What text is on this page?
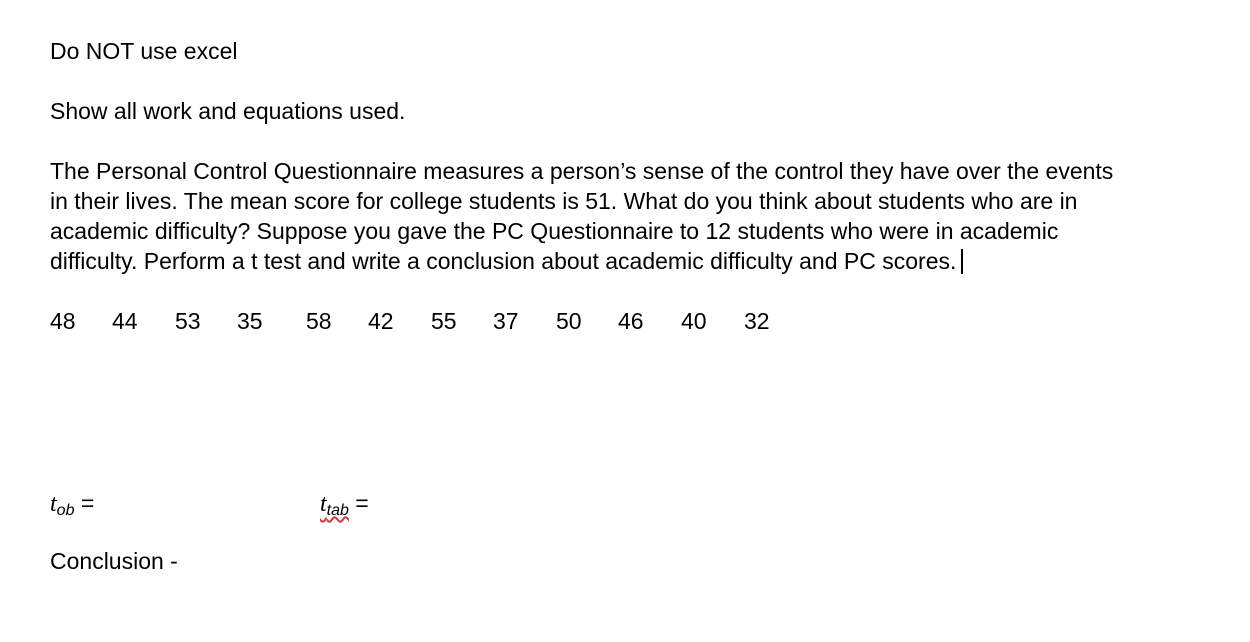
Do NOT use excel

Show all work and equations used.

The Personal Control Questionnaire measures a person’s sense of the control they have over the events
in their lives. The mean score for college students is 51. What do you think about students who are in
academic difficulty? Suppose you gave the PC Questionnaire to 12 students who were in academic
difficulty. Perform a t test and write a conclusion about academic difficulty and PC scores.
48 44 53 35 58 42 55 37 50 46 40 32
$t_{ob}$ =	$t_{tab}$ =

Conclusion -
